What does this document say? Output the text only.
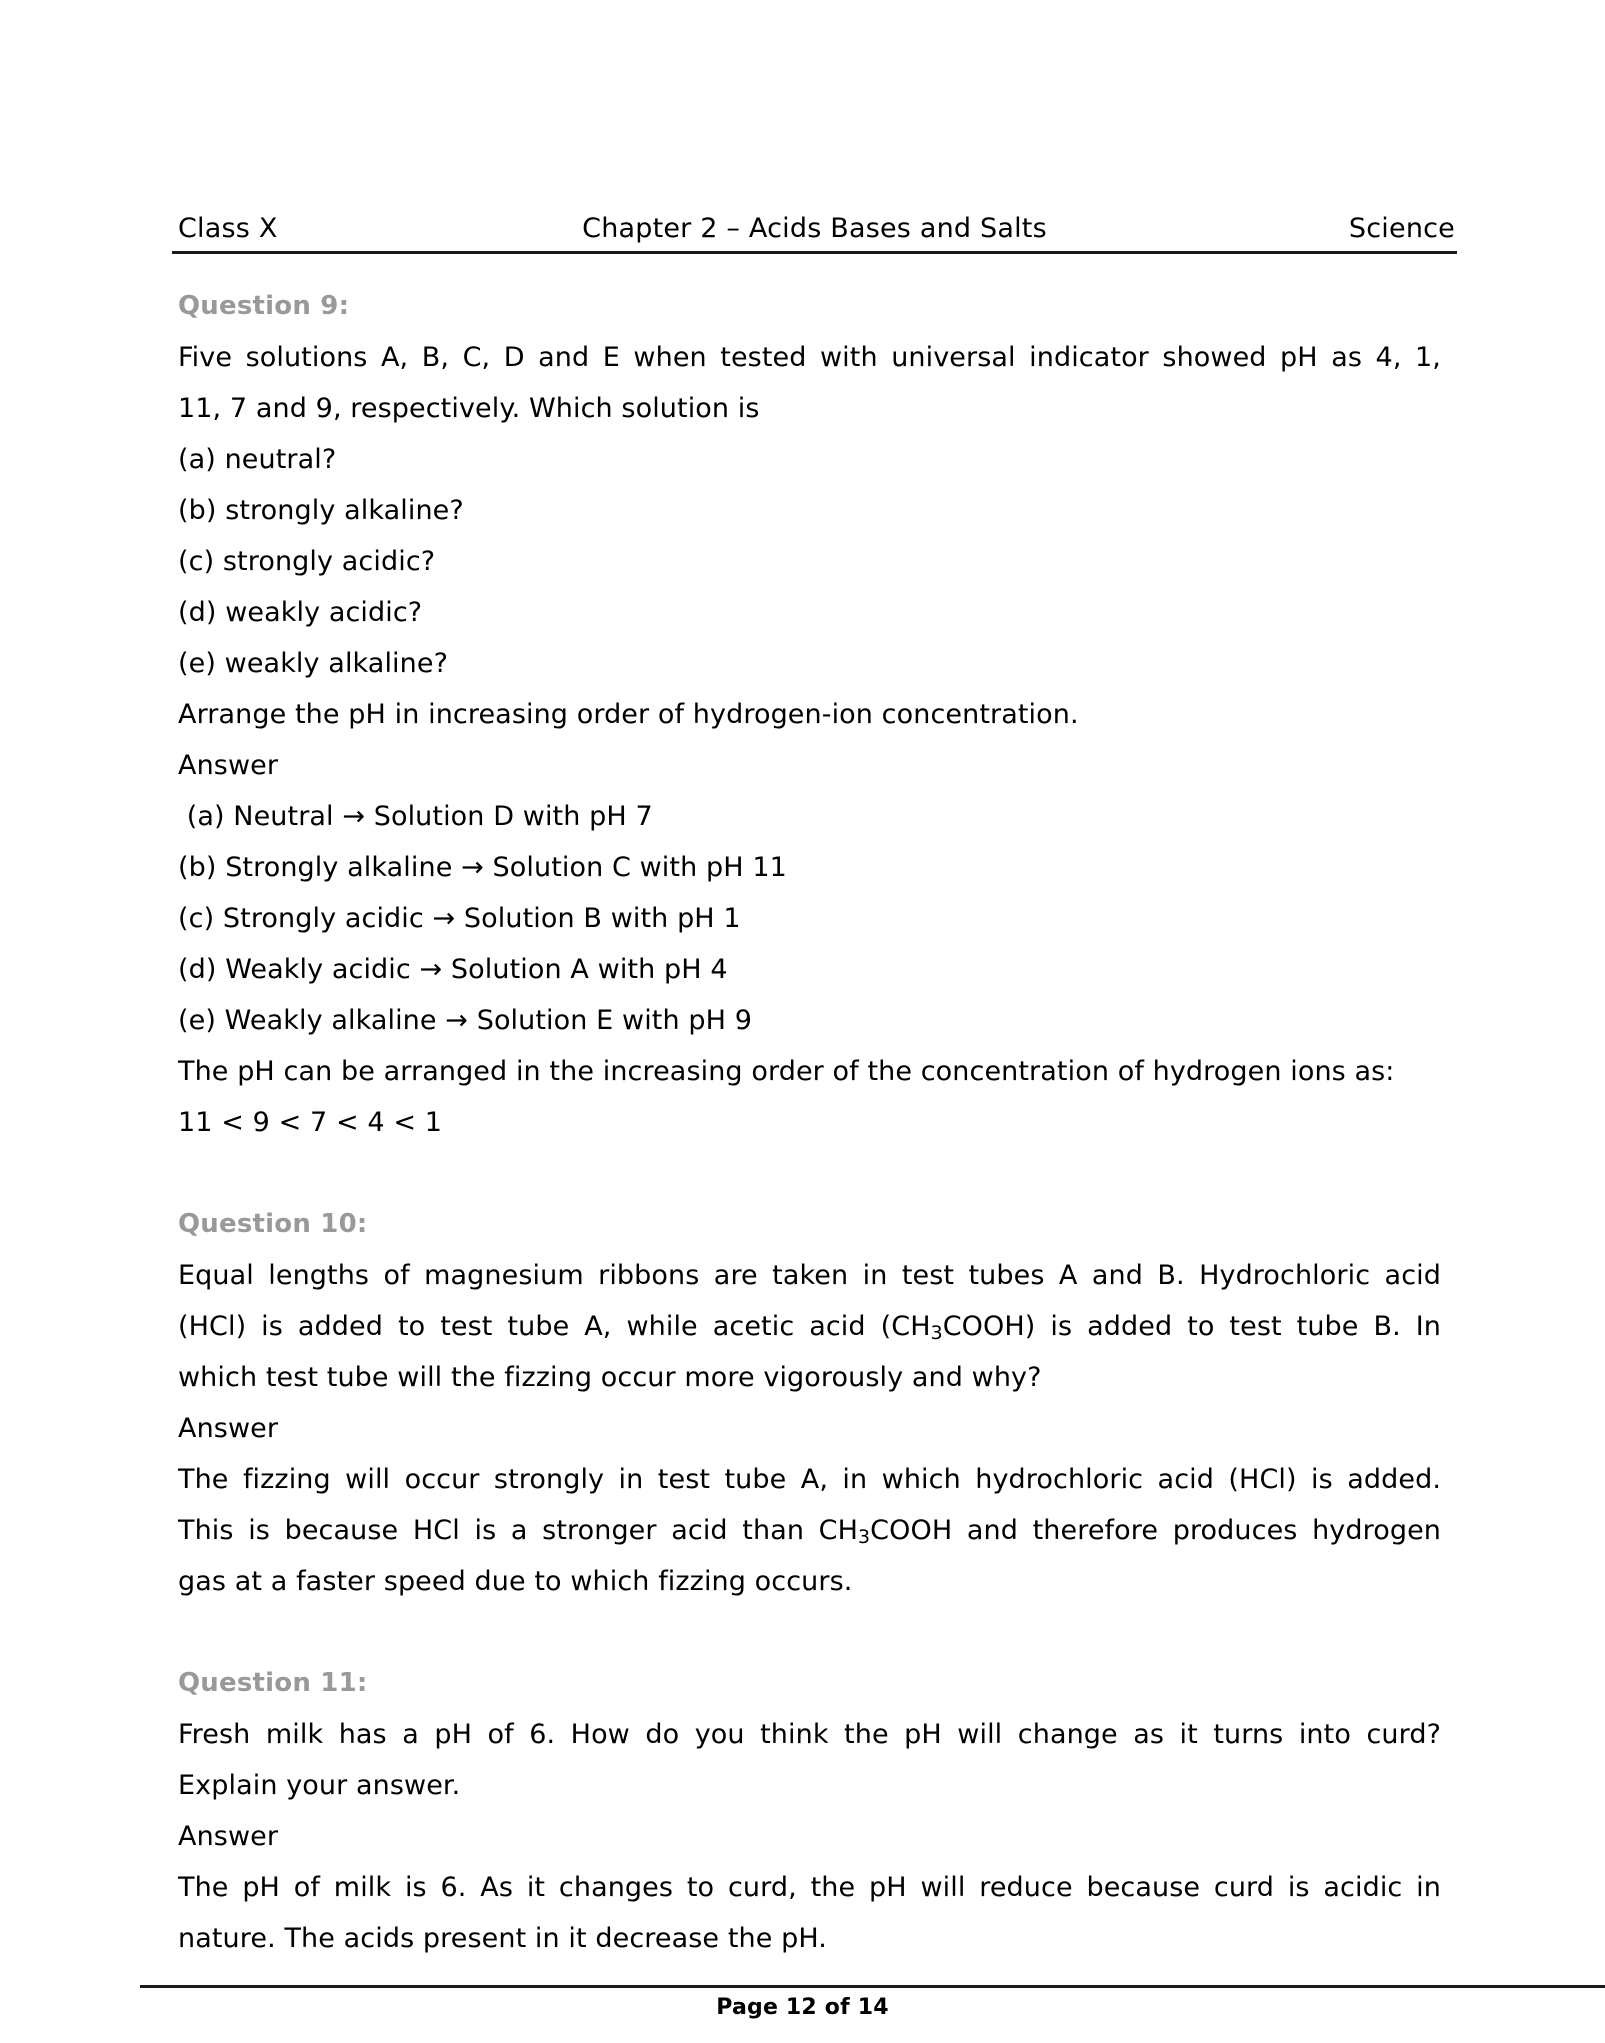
Class X	Chapter 2 – Acids Bases and Salts	Science

Question 9:

Five solutions A, B, C, D and E when tested with universal indicator showed pH as 4, 1,
11, 7 and 9, respectively. Which solution is

(a) neutral?

(b) strongly alkaline?

(c) strongly acidic?

(d) weakly acidic?

(e) weakly alkaline?

Arrange the pH in increasing order of hydrogen-ion concentration.

Answer

(a) Neutral → Solution D with pH 7

(b) Strongly alkaline → Solution C with pH 11

(c) Strongly acidic → Solution B with pH 1

(d) Weakly acidic → Solution A with pH 4

(e) Weakly alkaline → Solution E with pH 9

The pH can be arranged in the increasing order of the concentration of hydrogen ions as:

11 < 9 < 7 < 4 < 1

Question 10:

Equal lengths of magnesium ribbons are taken in test tubes A and B. Hydrochloric acid
(HCl) is added to test tube A, while acetic acid $(CH_3COOH)$ is added to test tube B. In
which test tube will the fizzing occur more vigorously and why?

Answer

The fizzing will occur strongly in test tube A, in which hydrochloric acid (HCl) is added.
This is because HCl is a stronger acid than $CH_3COOH$ and therefore produces hydrogen
gas at a faster speed due to which fizzing occurs.

Question 11:

Fresh milk has a pH of 6. How do you think the pH will change as it turns into curd?
Explain your answer.

Answer

The pH of milk is 6. As it changes to curd, the pH will reduce because curd is acidic in
nature. The acids present in it decrease the pH.

Page 12 of 14
